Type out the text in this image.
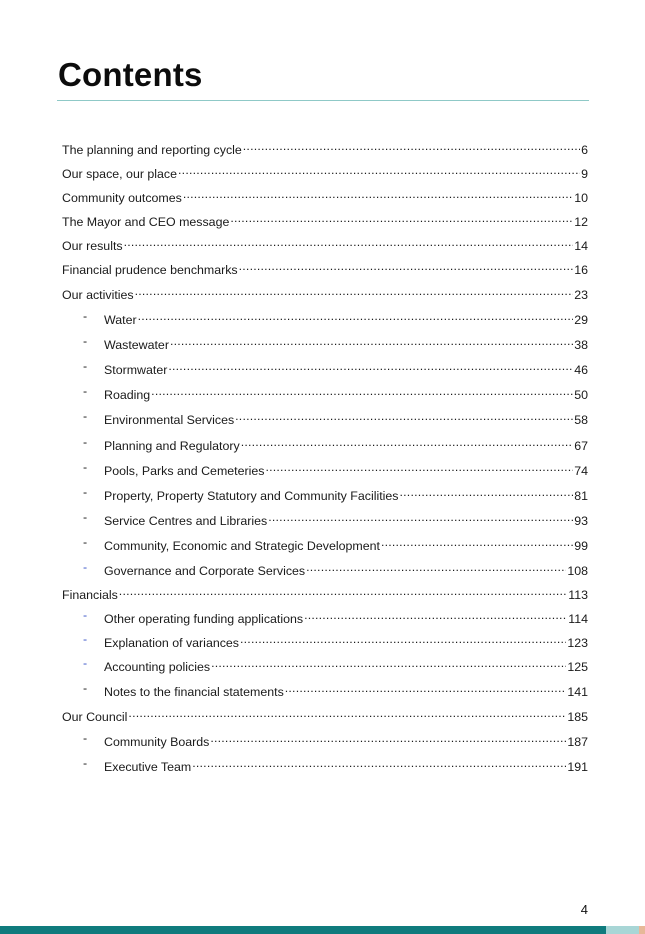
Contents
The planning and reporting cycle .....	6
Our space, our place .....	9
Community outcomes .....	10
The Mayor and CEO message .....	12
Our results .....	14
Financial prudence benchmarks .....	16
Our activities .....	23
-	Water .....	29
-	Wastewater .....	38
-	Stormwater .....	46
-	Roading .....	50
-	Environmental Services .....	58
-	Planning and Regulatory .....	67
-	Pools, Parks and Cemeteries .....	74
-	Property, Property Statutory and Community Facilities .....	81
-	Service Centres and Libraries .....	93
-	Community, Economic and Strategic Development .....	99
-	Governance and Corporate Services .....	108
Financials .....	113
-	Other operating funding applications .....	114
-	Explanation of variances .....	123
-	Accounting policies .....	125
-	Notes to the financial statements .....	141
Our Council .....	185
-	Community Boards .....	187
-	Executive Team .....	191
4
